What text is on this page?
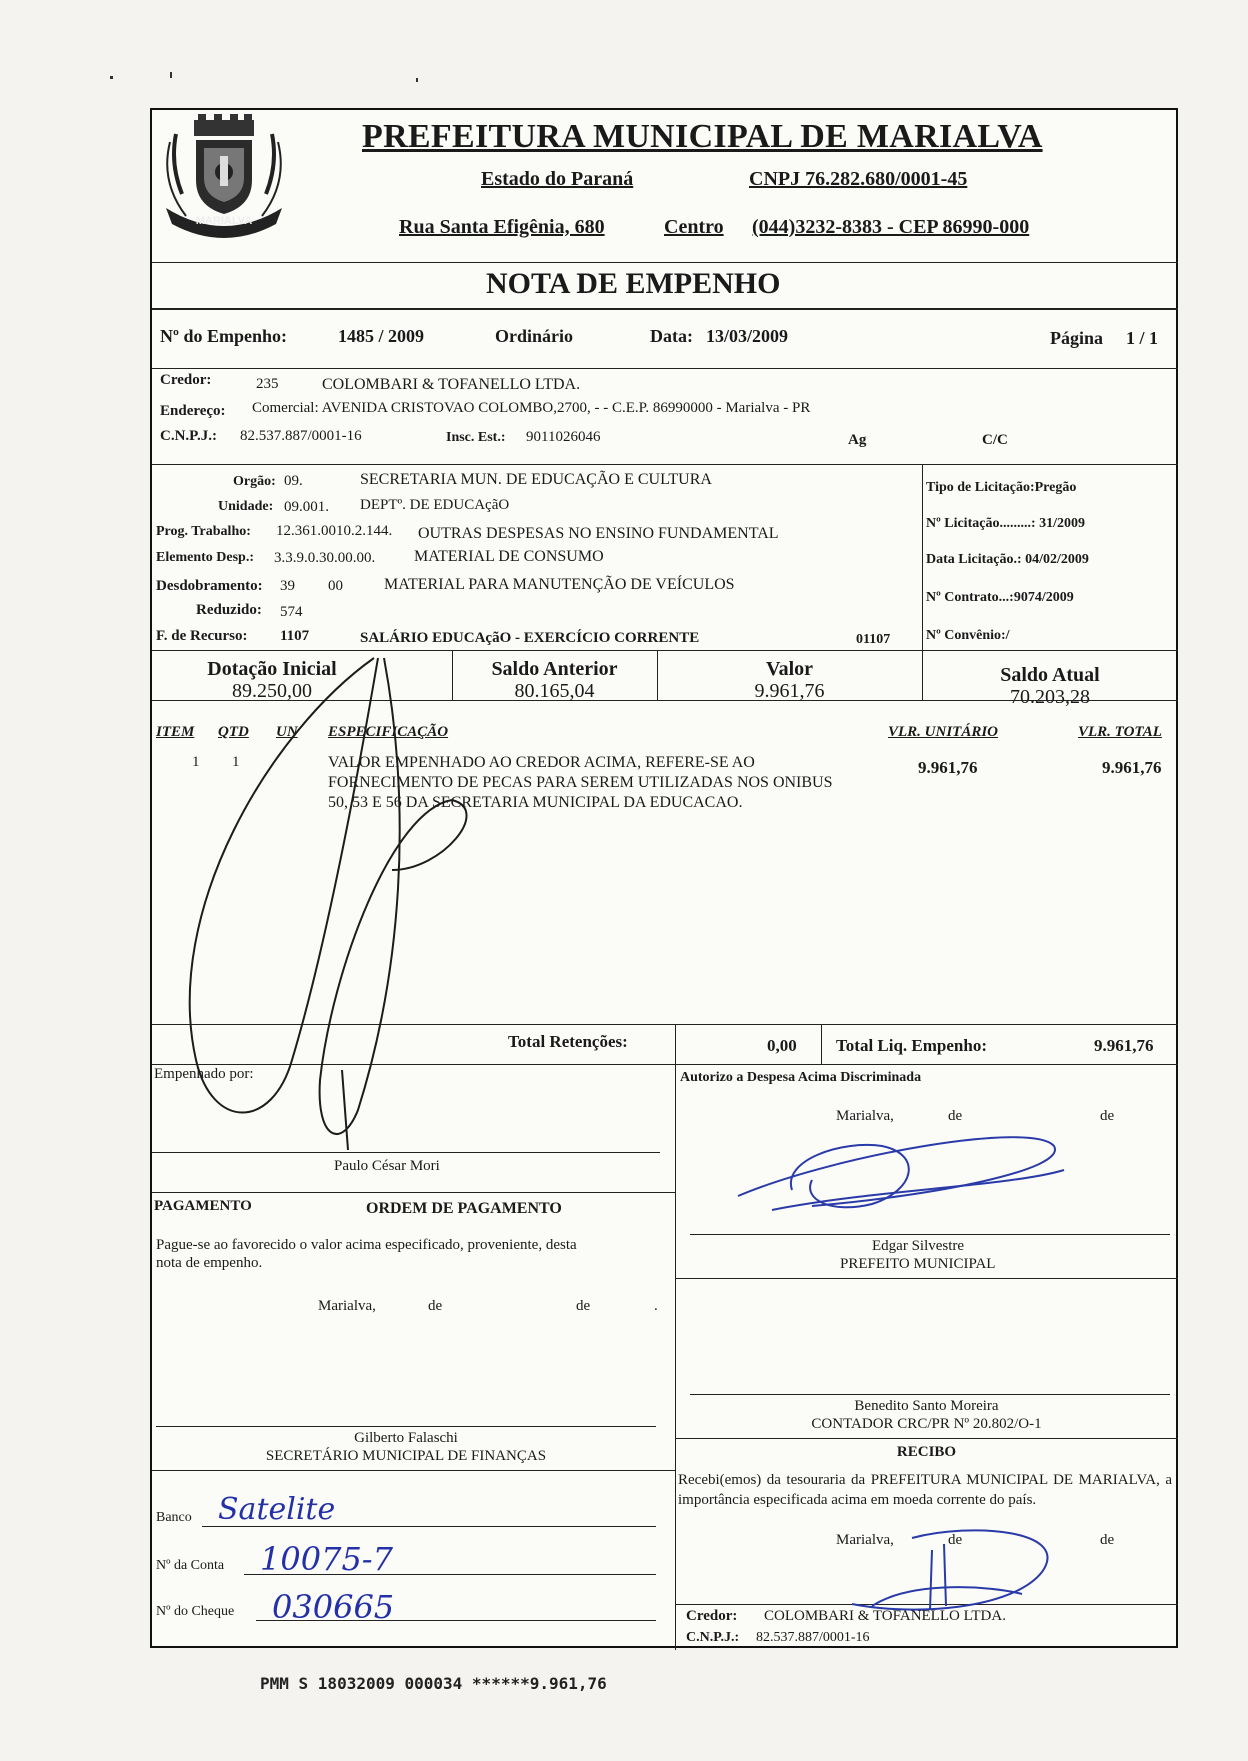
MARIALVA
PREFEITURA MUNICIPAL DE MARIALVA
Estado do Paraná	CNPJ 76.282.680/0001-45
Rua Santa Efigênia, 680	Centro (044)3232-8383 - CEP 86990-000
NOTA DE EMPENHO
Nº do Empenho:	1485 / 2009	Ordinário	Data: 13/03/2009	Página 1 / 1
Credor:	235	COLOMBARI & TOFANELLO LTDA.
Endereço: Comercial: AVENIDA CRISTOVAO COLOMBO,2700, - - C.E.P. 86990000 - Marialva - PR
C.N.P.J.: 82.537.887/0001-16	Insc. Est.: 9011026046	Ag	C/C
Orgão: 09.	SECRETARIA MUN. DE EDUCAÇÃO E CULTURA
Unidade: 09.001. DEPTº. DE EDUCAçãO
Prog. Trabalho: 12.361.0010.2.144. OUTRAS DESPESAS NO ENSINO FUNDAMENTAL
Elemento Desp.: 3.3.9.0.30.00.00. MATERIAL DE CONSUMO
Desdobramento: 39 00	MATERIAL PARA MANUTENÇÃO DE VEÍCULOS
Reduzido: 574
F. de Recurso: 1107	SALÁRIO EDUCAçãO - EXERCÍCIO CORRENTE	01107
Tipo de Licitação:Pregão
Nº Licitação.........: 31/2009
Data Licitação.: 04/02/2009
Nº Contrato...:9074/2009
Nº Convênio:/
Dotação Inicial
89.250,00
Saldo Anterior
80.165,04
Valor
9.961,76
Saldo Atual
70.203,28
ITEM QTD UN ESPECIFICAÇÃO	VLR. UNITÁRIO	VLR. TOTAL
1 1	VALOR EMPENHADO AO CREDOR ACIMA, REFERE-SE AO
FORNECIMENTO DE PECAS PARA SEREM UTILIZADAS NOS ONIBUS
50, 53 E 56 DA SECRETARIA MUNICIPAL DA EDUCACAO.
9.961,76	9.961,76
Total Retenções:	0,00 Total Liq. Empenho:	9.961,76
Empenhado por:
Paulo César Mori
Autorizo a Despesa Acima Discriminada
Marialva,	de	de
Edgar Silvestre
PREFEITO MUNICIPAL
PAGAMENTO	ORDEM DE PAGAMENTO
Pague-se ao favorecido o valor acima especificado, proveniente, desta nota de empenho.
Marialva,	de	de	.
Gilberto Falaschi
SECRETÁRIO MUNICIPAL DE FINANÇAS
Banco Satelite
Nº da Conta 10075-7
Nº do Cheque 030665
Benedito Santo Moreira
CONTADOR CRC/PR Nº 20.802/O-1
RECIBO
Recebi(emos) da tesouraria da PREFEITURA MUNICIPAL DE MARIALVA, a importância especificada acima em moeda corrente do país.
Marialva,	de	de
Credor: COLOMBARI & TOFANELLO LTDA.
C.N.P.J.: 82.537.887/0001-16
PMM S 18032009 000034 ******9.961,76
